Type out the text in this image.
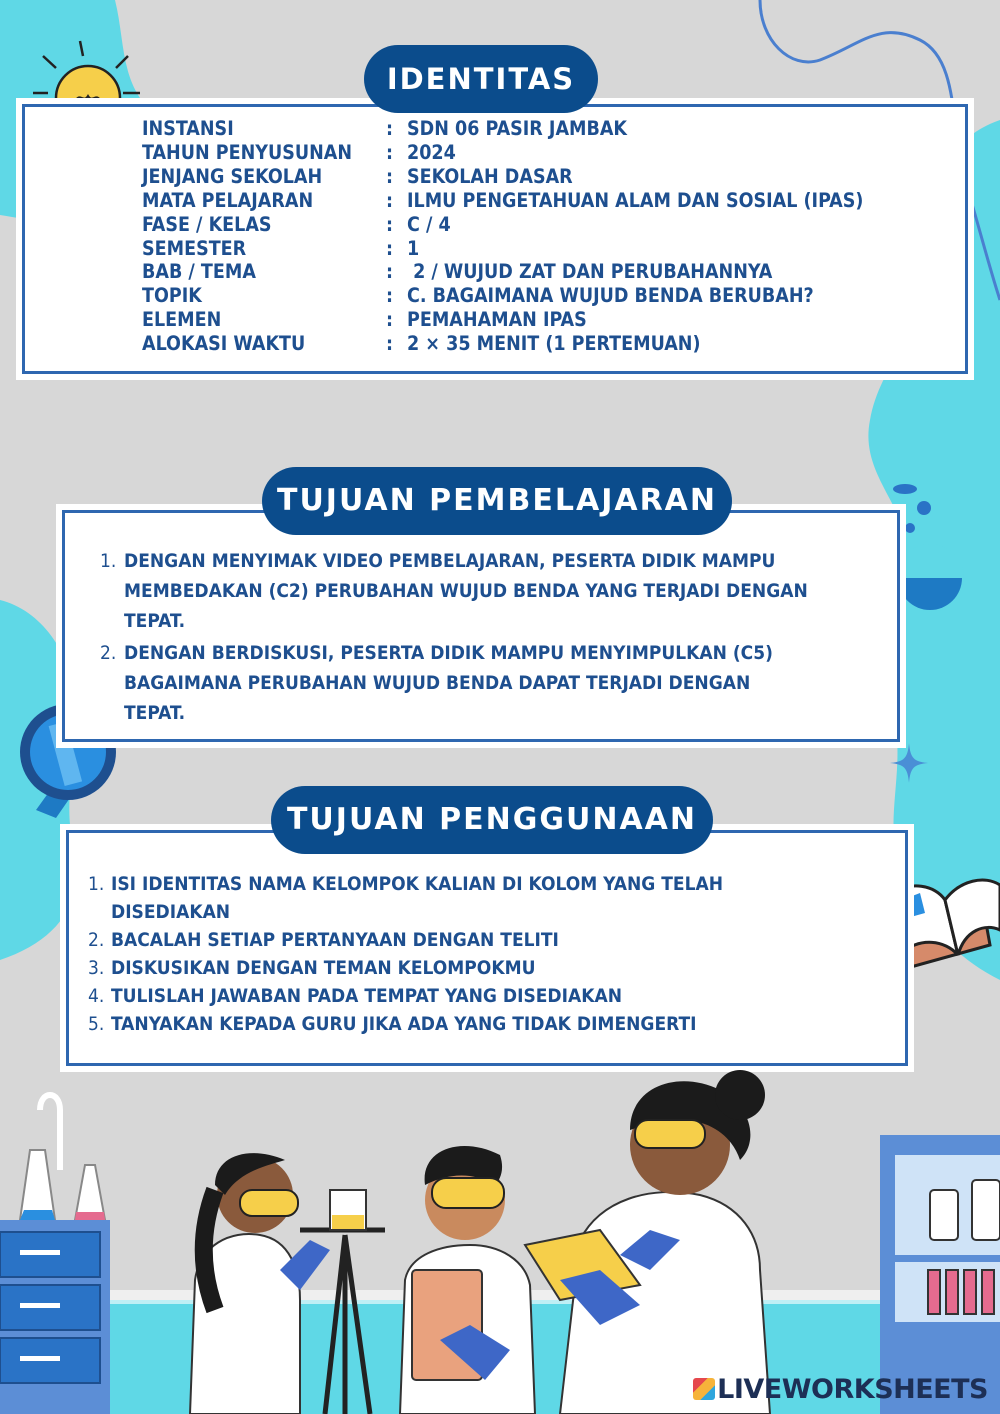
IDENTITAS
INSTANSI	: SDN 06 PASIR JAMBAK
TAHUN PENYUSUNAN : 2024
JENJANG SEKOLAH	: SEKOLAH DASAR
MATA PELAJARAN	: ILMU PENGETAHUAN ALAM DAN SOSIAL (IPAS)
FASE / KELAS	: C / 4
SEMESTER	: 1
BAB / TEMA	: 2 / WUJUD ZAT DAN PERUBAHANNYA
TOPIK	: C. BAGAIMANA WUJUD BENDA BERUBAH?
ELEMEN	: PEMAHAMAN IPAS
ALOKASI WAKTU	: 2 × 35 MENIT (1 PERTEMUAN)
TUJUAN PEMBELAJARAN
1. DENGAN MENYIMAK VIDEO PEMBELAJARAN, PESERTA DIDIK MAMPU
MEMBEDAKAN (C2) PERUBAHAN WUJUD BENDA YANG TERJADI DENGAN
TEPAT.
2. DENGAN BERDISKUSI, PESERTA DIDIK MAMPU MENYIMPULKAN (C5)
BAGAIMANA PERUBAHAN WUJUD BENDA DAPAT TERJADI DENGAN
TEPAT.
TUJUAN PENGGUNAAN
1. ISI IDENTITAS NAMA KELOMPOK KALIAN DI KOLOM YANG TELAH
DISEDIAKAN
2. BACALAH SETIAP PERTANYAAN DENGAN TELITI
3. DISKUSIKAN DENGAN TEMAN KELOMPOKMU
4. TULISLAH JAWABAN PADA TEMPAT YANG DISEDIAKAN
5. TANYAKAN KEPADA GURU JIKA ADA YANG TIDAK DIMENGERTI
LIVEWORKSHEETS
